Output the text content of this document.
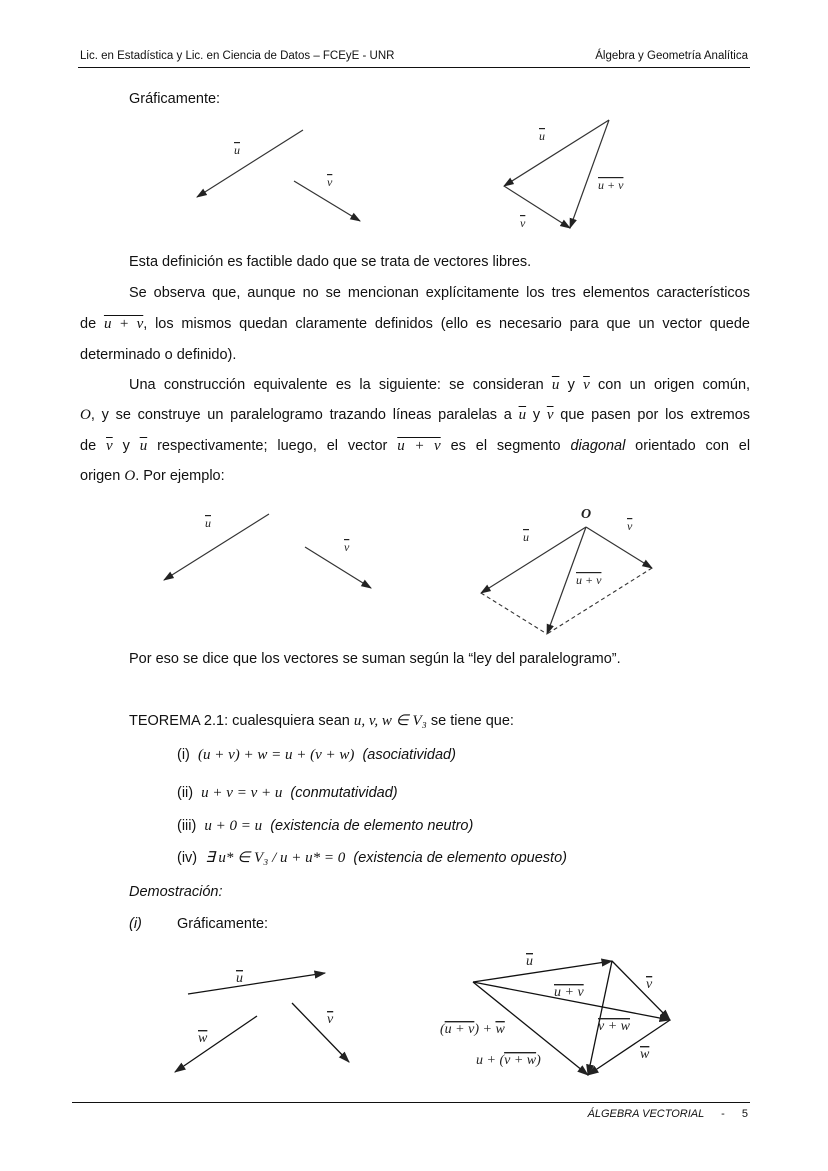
Lic. en Estadística y Lic. en Ciencia de Datos – FCEyE - UNR	Álgebra y Geometría Analítica
Gráficamente:
u
v
u
u + v
v
Esta definición es factible dado que se trata de vectores libres.
Se observa que, aunque no se mencionan explícitamente los tres elementos característicos
de u + v, los mismos quedan claramente definidos (ello es necesario para que un vector quede
determinado o definido).
Una construcción equivalente es la siguiente: se consideran $\overline{u}$ y $\overline{v}$ con un origen común,
O, y se construye un paralelogramo trazando líneas paralelas a $\overline{u}$ y $\overline{v}$ que pasen por los extremos
de $\overline{v}$ y $\overline{u}$ respectivamente; luego, el vector u + v es el segmento diagonal orientado con el
origen O. Por ejemplo:
u
v
O
u
v
u + v
Por eso se dice que los vectores se suman según la “ley del paralelogramo”.
TEOREMA 2.1: cualesquiera sean u, v, w ∈ V₃ se tiene que:
(i) (u + v) + w = u + (v + w) (asociatividad)
(ii) u + v = v + u (conmutatividad)
(iii) u + 0 = u (existencia de elemento neutro)
(iv) ∃ u* ∈ V₃ / u + u* = 0 (existencia de elemento opuesto)
Demostración:
(i) Gráficamente:
u
v
w
u
v
u + v
v + w
w
(u + v) + w
u + (v + w)
ÁLGEBRA VECTORIAL - 5
